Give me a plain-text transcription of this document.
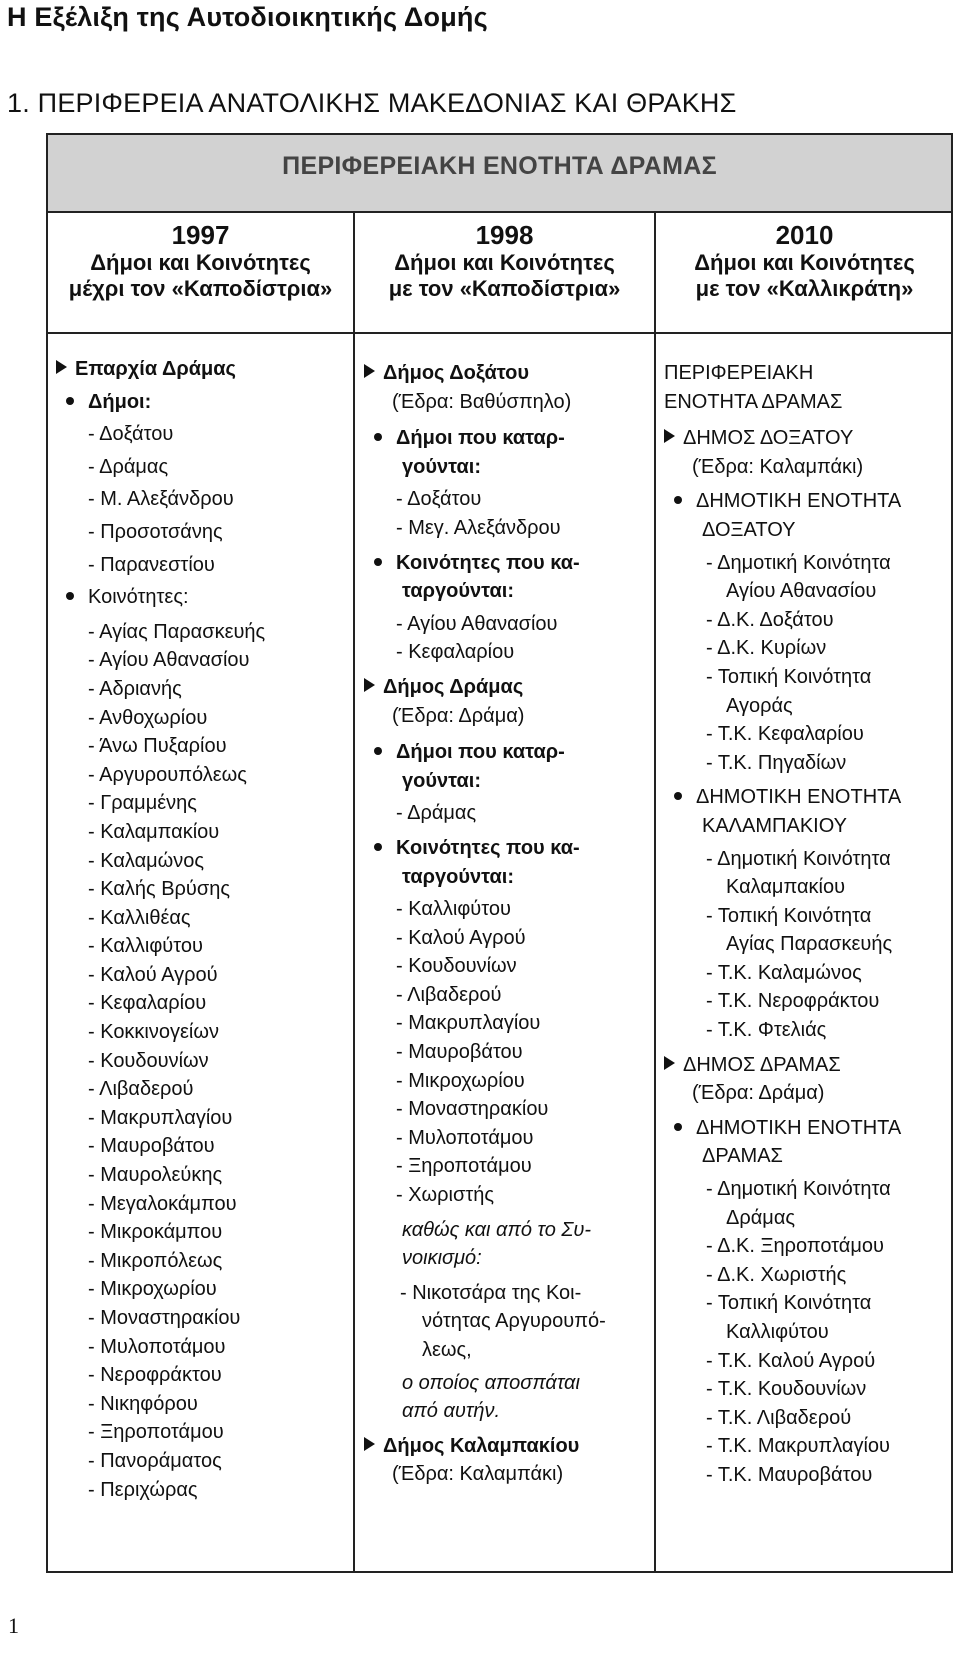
Η Εξέλιξη της Αυτοδιοικητικής Δομής
1. ΠΕΡΙΦΕΡΕΙΑ ΑΝΑΤΟΛΙΚΗΣ ΜΑΚΕΔΟΝΙΑΣ ΚΑΙ ΘΡΑΚΗΣ
ΠΕΡΙΦΕΡΕΙΑΚΗ ΕΝΟΤΗΤΑ ΔΡΑΜΑΣ
1997
Δήμοι και Κοινότητες
μέχρι τον «Καποδίστρια»
1998
Δήμοι και Κοινότητες
με τον «Καποδίστρια»
2010
Δήμοι και Κοινότητες
με τον «Καλλικράτη»
Επαρχία Δράμας
Δήμοι:
- Δοξάτου
- Δράμας
- Μ. Αλεξάνδρου
- Προσοτσάνης
- Παρανεστίου
Κοινότητες:
- Αγίας Παρασκευής
- Αγίου Αθανασίου
- Αδριανής
- Ανθοχωρίου
- Άνω Πυξαρίου
- Αργυρουπόλεως
- Γραμμένης
- Καλαμπακίου
- Καλαμώνος
- Καλής Βρύσης
- Καλλιθέας
- Καλλιφύτου
- Καλού Αγρού
- Κεφαλαρίου
- Κοκκινογείων
- Κουδουνίων
- Λιβαδερού
- Μακρυπλαγίου
- Μαυροβάτου
- Μαυρολεύκης
- Μεγαλοκάμπου
- Μικροκάμπου
- Μικροπόλεως
- Μικροχωρίου
- Μοναστηρακίου
- Μυλοποτάμου
- Νεροφράκτου
- Νικηφόρου
- Ξηροποτάμου
- Πανοράματος
- Περιχώρας
Δήμος Δοξάτου
(Έδρα: Βαθύσπηλο)
Δήμοι που καταρ-
γούνται:
- Δοξάτου
- Μεγ. Αλεξάνδρου
Κοινότητες που κα-
ταργούνται:
- Αγίου Αθανασίου
- Κεφαλαρίου
Δήμος Δράμας
(Έδρα: Δράμα)
Δήμοι που καταρ-
γούνται:
- Δράμας
Κοινότητες που κα-
ταργούνται:
- Καλλιφύτου
- Καλού Αγρού
- Κουδουνίων
- Λιβαδερού
- Μακρυπλαγίου
- Μαυροβάτου
- Μικροχωρίου
- Μοναστηρακίου
- Μυλοποτάμου
- Ξηροποτάμου
- Χωριστής
καθώς και από το Συ-
νοικισμό:
- Νικοτσάρα της Κοι-
νότητας Αργυρουπό-
λεως,
ο οποίος αποσπάται
από αυτήν.
Δήμος Καλαμπακίου
(Έδρα: Καλαμπάκι)
ΠΕΡΙΦΕΡΕΙΑΚΗ
ΕΝΟΤΗΤΑ ΔΡΑΜΑΣ
ΔΗΜΟΣ ΔΟΞΑΤΟΥ
(Έδρα: Καλαμπάκι)
ΔΗΜΟΤΙΚΗ ΕΝΟΤΗΤΑ
ΔΟΞΑΤΟΥ
- Δημοτική Κοινότητα
Αγίου Αθανασίου
- Δ.Κ. Δοξάτου
- Δ.Κ. Κυρίων
- Τοπική Κοινότητα
Αγοράς
- Τ.Κ. Κεφαλαρίου
- Τ.Κ. Πηγαδίων
ΔΗΜΟΤΙΚΗ ΕΝΟΤΗΤΑ
ΚΑΛΑΜΠΑΚΙΟΥ
- Δημοτική Κοινότητα
Καλαμπακίου
- Τοπική Κοινότητα
Αγίας Παρασκευής
- Τ.Κ. Καλαμώνος
- Τ.Κ. Νεροφράκτου
- Τ.Κ. Φτελιάς
ΔΗΜΟΣ ΔΡΑΜΑΣ
(Έδρα: Δράμα)
ΔΗΜΟΤΙΚΗ ΕΝΟΤΗΤΑ
ΔΡΑΜΑΣ
- Δημοτική Κοινότητα
Δράμας
- Δ.Κ. Ξηροποτάμου
- Δ.Κ. Χωριστής
- Τοπική Κοινότητα
Καλλιφύτου
- Τ.Κ. Καλού Αγρού
- Τ.Κ. Κουδουνίων
- Τ.Κ. Λιβαδερού
- Τ.Κ. Μακρυπλαγίου
- Τ.Κ. Μαυροβάτου
1
